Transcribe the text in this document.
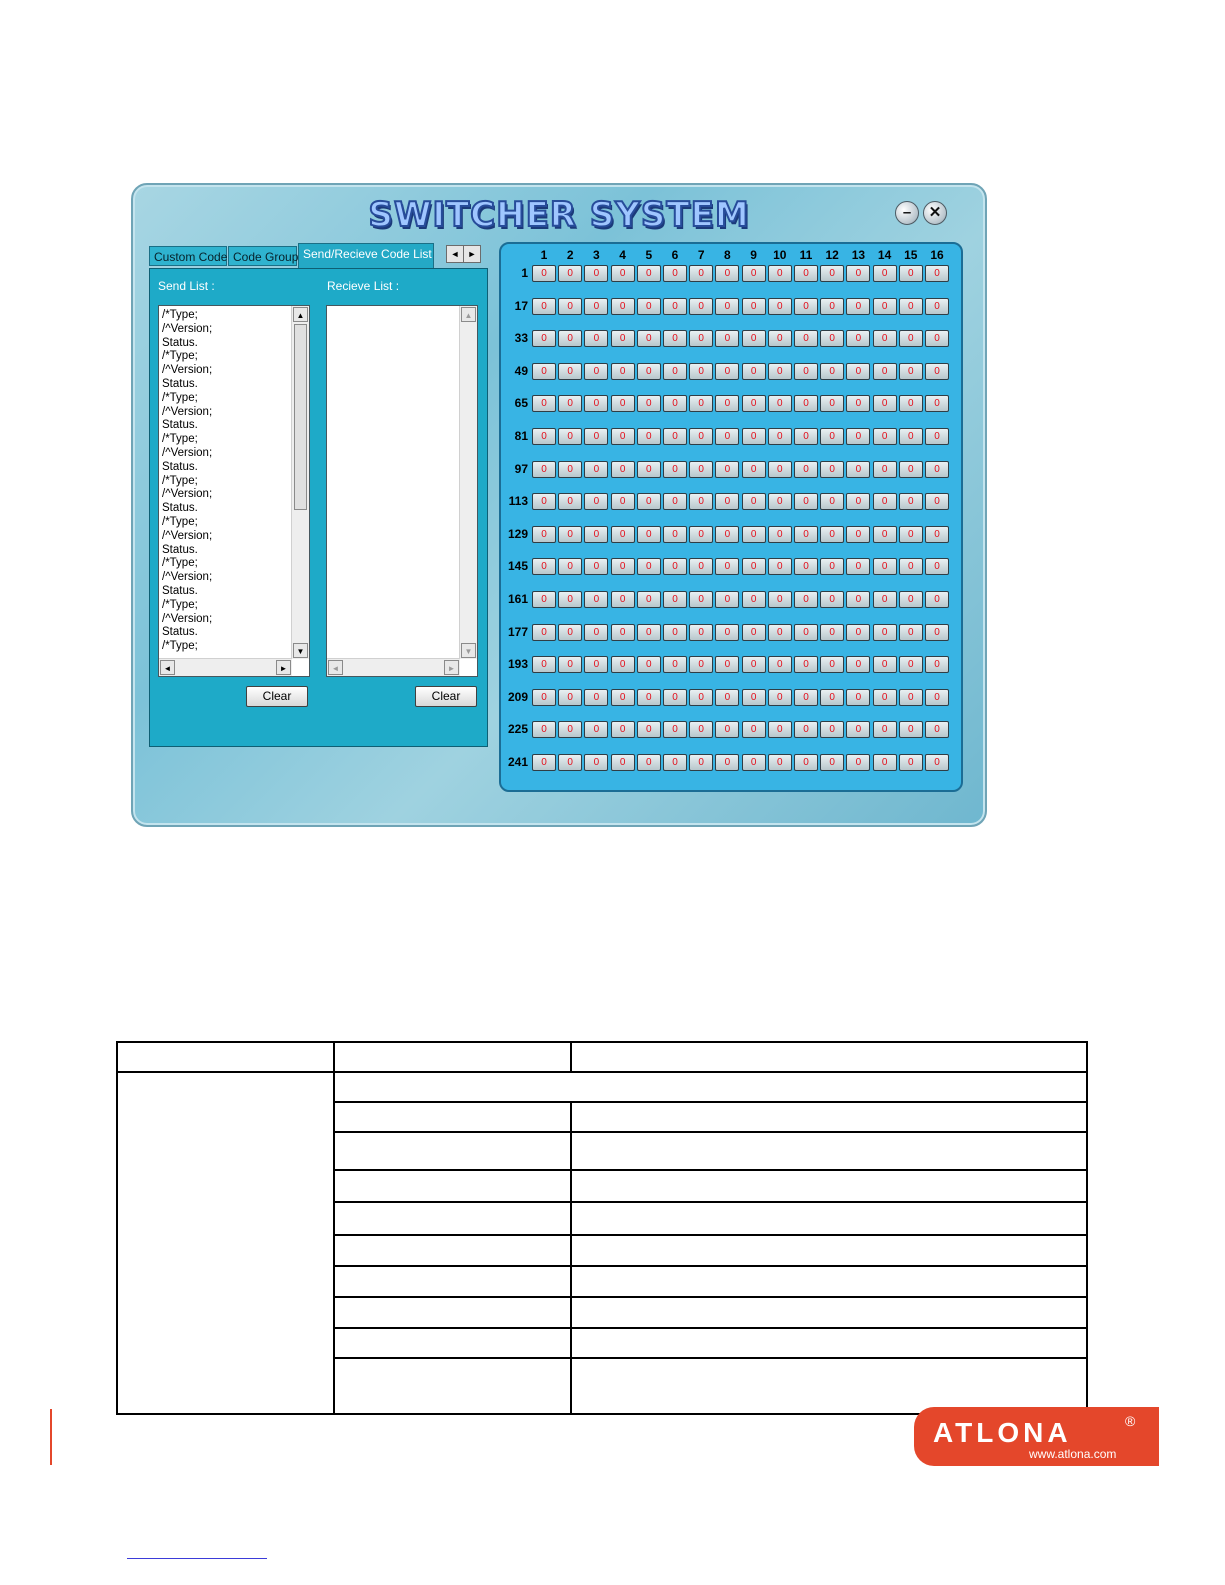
SWITCHER SYSTEM	–	✕
Custom Code Code Group Send/Recieve Code List
Send List :	Recieve List :
/*Type;
/^Version;
Status.
/*Type;
/^Version;
Status.
/*Type;
/^Version;
Status.
/*Type;
/^Version;
Status.
/*Type;
/^Version;
Status.
/*Type;
/^Version;
Status.
/*Type;
/^Version;
Status.
/*Type;
/^Version;
Status.
/*Type;
▲
▼
◄	►
▲
▼
◄	►
Clear	Clear
1	2	3	4	5	6	7	8	9	10	11	12	13	14	15	16
1	0	0	0	0	0	0	0	0	0	0	0	0	0	0	0	0
17	0	0	0	0	0	0	0	0	0	0	0	0	0	0	0	0
33	0	0	0	0	0	0	0	0	0	0	0	0	0	0	0	0
49	0	0	0	0	0	0	0	0	0	0	0	0	0	0	0	0
65	0	0	0	0	0	0	0	0	0	0	0	0	0	0	0	0
81	0	0	0	0	0	0	0	0	0	0	0	0	0	0	0	0
97	0	0	0	0	0	0	0	0	0	0	0	0	0	0	0	0
113	0	0	0	0	0	0	0	0	0	0	0	0	0	0	0	0
129	0	0	0	0	0	0	0	0	0	0	0	0	0	0	0	0
145	0	0	0	0	0	0	0	0	0	0	0	0	0	0	0	0
161	0	0	0	0	0	0	0	0	0	0	0	0	0	0	0	0
177	0	0	0	0	0	0	0	0	0	0	0	0	0	0	0	0
193	0	0	0	0	0	0	0	0	0	0	0	0	0	0	0	0
209	0	0	0	0	0	0	0	0	0	0	0	0	0	0	0	0
225	0	0	0	0	0	0	0	0	0	0	0	0	0	0	0	0
241	0	0	0	0	0	0	0	0	0	0	0	0	0	0	0	0
◄ ►
ATLONA	®
www.atlona.com
